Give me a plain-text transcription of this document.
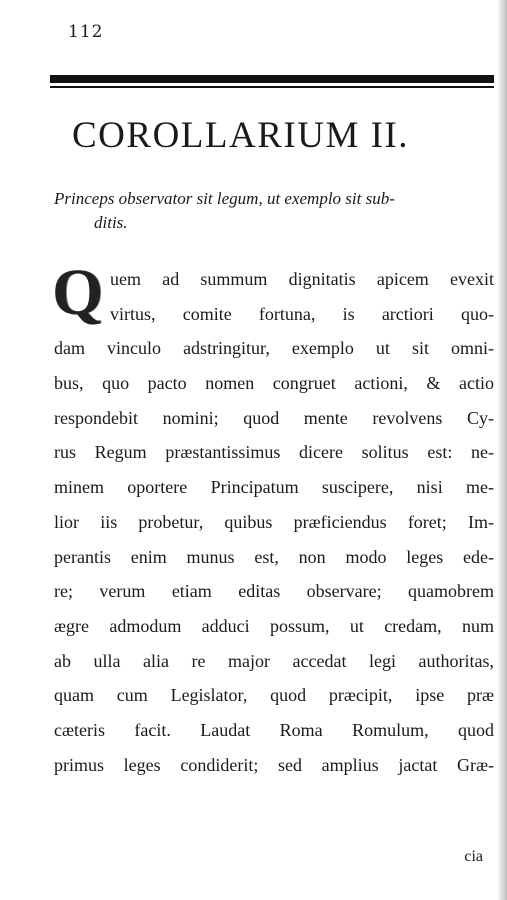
112
COROLLARIUM II.
Princeps observator sit legum, ut exemplo sit sub-
ditis.
Q uem ad summum dignitatis apicem evexit
virtus, comite fortuna, is arctiori quo-
dam vinculo adstringitur, exemplo ut sit omni-
bus, quo pacto nomen congruet actioni, & actio
respondebit nomini; quod mente revolvens Cy-
rus Regum præstantissimus dicere solitus est: ne-
minem oportere Principatum suscipere, nisi me-
lior iis probetur, quibus præficiendus foret; Im-
perantis enim munus est, non modo leges ede-
re; verum etiam editas observare; quamobrem
ægre admodum adduci possum, ut credam, num
ab ulla alia re major accedat legi authoritas,
quam cum Legislator, quod præcipit, ipse præ
cæteris facit. Laudat Roma Romulum, quod
primus leges condiderit; sed amplius jactat Græ-
cia
